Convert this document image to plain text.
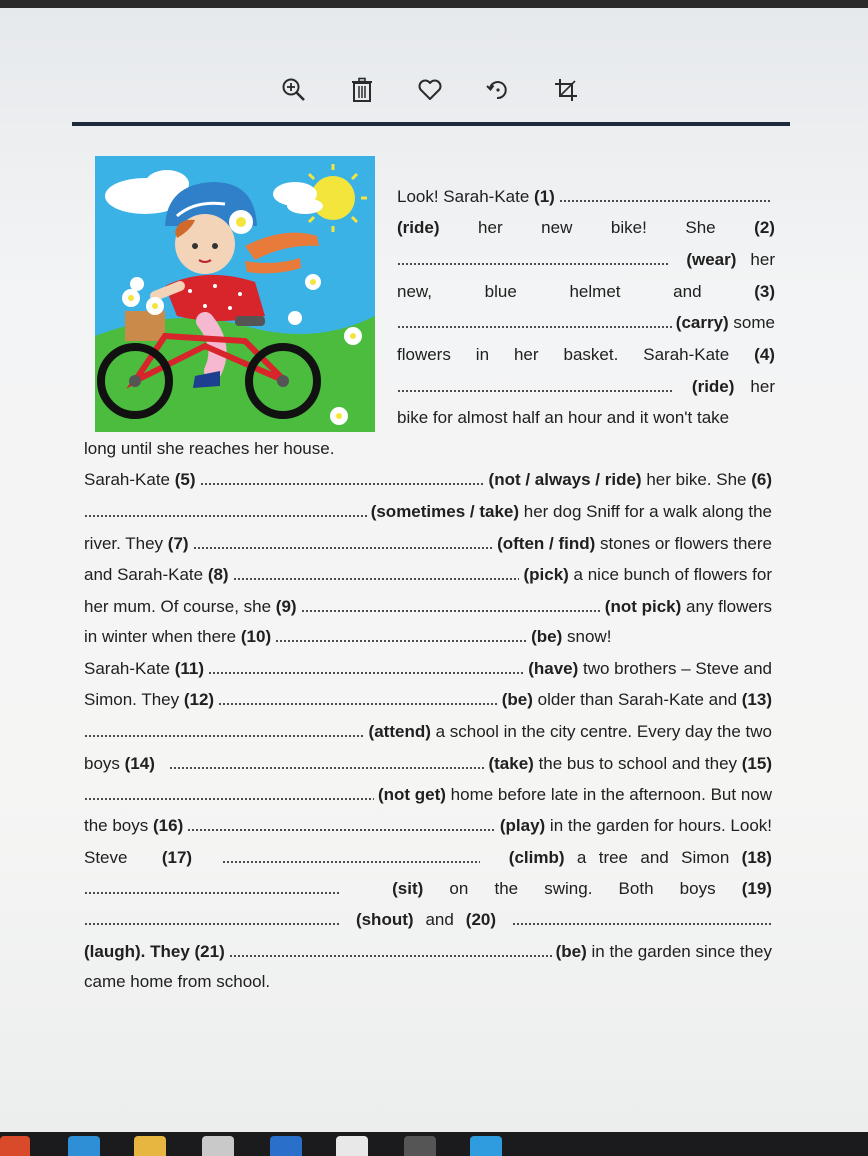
Look! Sarah-Kate (1)
(ride) her new bike! She (2)
(wear) her
new,	blue	helmet	and	(3)
(carry) some
flowers in her basket. Sarah-Kate (4)
(ride) her
bike for almost half an hour and it won't take
long until she reaches her house.
Sarah-Kate (5)	(not / always / ride) her bike. She (6)
(sometimes / take) her dog Sniff for a walk along the
river. They (7)	(often / find) stones or flowers there
and Sarah-Kate (8)	(pick) a nice bunch of flowers for
her mum. Of course, she (9)	(not pick) any flowers
in winter when there (10)	(be) snow!
Sarah-Kate (11)	(have) two brothers – Steve and
Simon. They (12)	(be) older than Sarah-Kate and (13)
(attend) a school in the city centre. Every day the two
boys (14)	(take) the bus to school and they (15)
(not get) home before late in the afternoon. But now
the boys (16)	(play) in the garden for hours. Look!
Steve (17)	(climb) a tree and Simon (18)
(sit) on the swing. Both boys (19)
(shout) and (20)
(laugh) . They (21)	(be) in the garden since they
came home from school.
